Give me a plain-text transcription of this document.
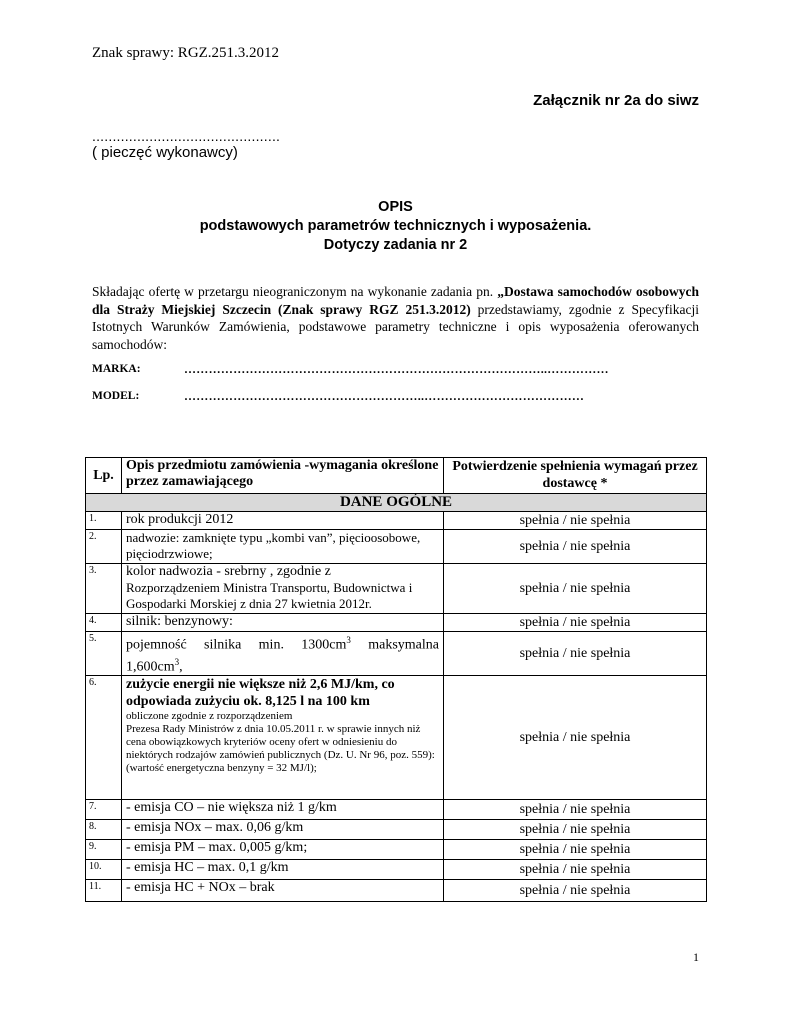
Znak sprawy: RGZ.251.3.2012
Załącznik nr 2a do siwz
..............................................
( pieczęć wykonawcy)
OPIS
podstawowych parametrów technicznych i wyposażenia.
Dotyczy zadania nr 2
Składając ofertę w przetargu nieograniczonym na wykonanie zadania pn. „Dostawa samochodów osobowych dla Straży Miejskiej Szczecin (Znak sprawy RGZ 251.3.2012) przedstawiamy, zgodnie z Specyfikacji Istotnych Warunków Zamówienia, podstawowe parametry techniczne i opis wyposażenia oferowanych samochodów:
MARKA:	……………………………………………………………………………..……………
MODEL:	…………………………………………………..…………………………………
Lp.	Opis przedmiotu zamówienia -wymagania określone przez zamawiającego	Potwierdzenie spełnienia wymagań przez dostawcę *
DANE OGÓLNE		
1.	rok produkcji 2012	spełnia / nie spełnia
2.	nadwozie: zamknięte typu „kombi van”, pięcioosobowe, pięciodrzwiowe;	spełnia / nie spełnia
3.	kolor nadwozia - srebrny , zgodnie z
Rozporządzeniem Ministra Transportu, Budownictwa i Gospodarki Morskiej z dnia 27 kwietnia 2012r.	spełnia / nie spełnia
4.	silnik: benzynowy:	spełnia / nie spełnia
5.	pojemność silnika min. $1300cm^3$ maksymalna $1,600cm^3$,	spełnia / nie spełnia
6.	zużycie energii nie większe niż 2,6 MJ/km, co odpowiada zużyciu ok. 8,125 l na 100 km
obliczone zgodnie z rozporządzeniem
Prezesa Rady Ministrów z dnia 10.05.2011 r. w sprawie innych niż cena obowiązkowych kryteriów oceny ofert w odniesieniu do niektórych rodzajów zamówień publicznych (Dz. U. Nr 96, poz. 559): (wartość energetyczna benzyny = 32 MJ/l);	spełnia / nie spełnia
7.	- emisja CO – nie większa niż 1 g/km	spełnia / nie spełnia
8.	- emisja NOx – max. 0,06 g/km	spełnia / nie spełnia
9.	- emisja PM – max. 0,005 g/km;	spełnia / nie spełnia
10.	- emisja HC – max. 0,1 g/km	spełnia / nie spełnia
11.	- emisja HC + NOx – brak	spełnia / nie spełnia
1
